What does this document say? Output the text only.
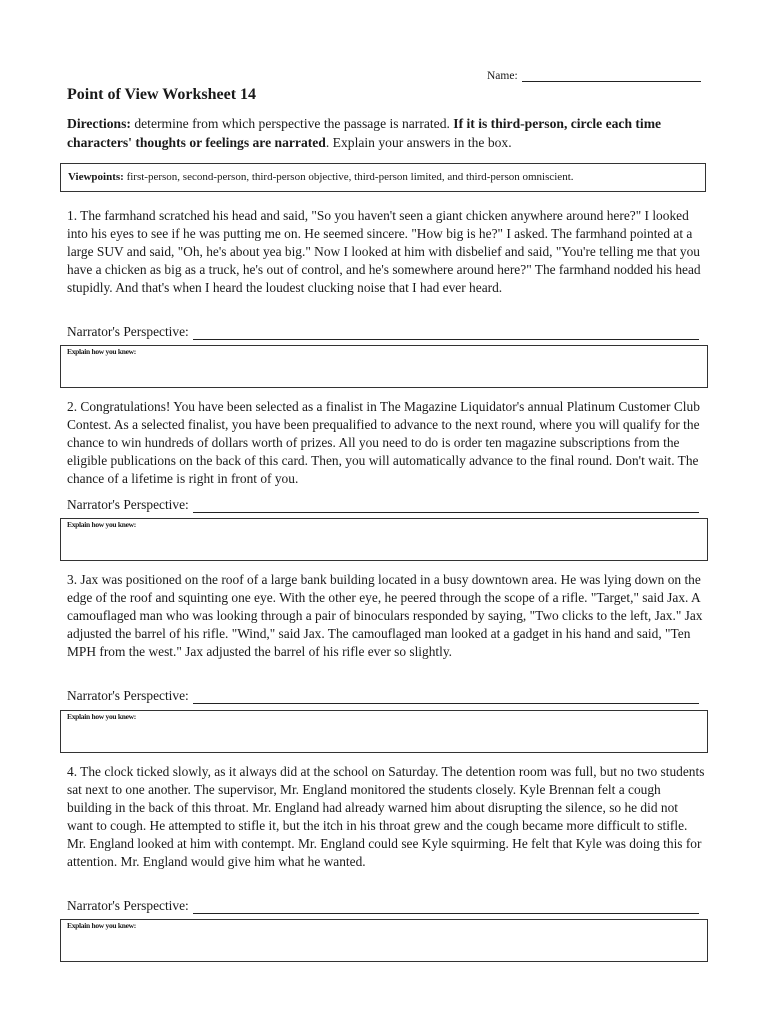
Name:
Point of View Worksheet 14
Directions: determine from which perspective the passage is narrated. If it is third-person, circle each time characters' thoughts or feelings are narrated. Explain your answers in the box.
Viewpoints: first-person, second-person, third-person objective, third-person limited, and third-person omniscient.
1. The farmhand scratched his head and said, "So you haven't seen a giant chicken anywhere around here?" I looked into his eyes to see if he was putting me on. He seemed sincere. "How big is he?" I asked. The farmhand pointed at a large SUV and said, "Oh, he's about yea big." Now I looked at him with disbelief and said, "You're telling me that you have a chicken as big as a truck, he's out of control, and he's somewhere around here?" The farmhand nodded his head stupidly. And that's when I heard the loudest clucking noise that I had ever heard.
Narrator's Perspective:
Explain how you knew:
2. Congratulations! You have been selected as a finalist in The Magazine Liquidator's annual Platinum Customer Club Contest. As a selected finalist, you have been prequalified to advance to the next round, where you will qualify for the chance to win hundreds of dollars worth of prizes. All you need to do is order ten magazine subscriptions from the eligible publications on the back of this card. Then, you will automatically advance to the final round. Don't wait. The chance of a lifetime is right in front of you.
Narrator's Perspective:
Explain how you knew:
3. Jax was positioned on the roof of a large bank building located in a busy downtown area. He was lying down on the edge of the roof and squinting one eye. With the other eye, he peered through the scope of a rifle. "Target," said Jax. A camouflaged man who was looking through a pair of binoculars responded by saying, "Two clicks to the left, Jax." Jax adjusted the barrel of his rifle. "Wind," said Jax. The camouflaged man looked at a gadget in his hand and said, "Ten MPH from the west." Jax adjusted the barrel of his rifle ever so slightly.
Narrator's Perspective:
Explain how you knew:
4. The clock ticked slowly, as it always did at the school on Saturday. The detention room was full, but no two students sat next to one another. The supervisor, Mr. England monitored the students closely. Kyle Brennan felt a cough building in the back of this throat. Mr. England had already warned him about disrupting the silence, so he did not want to cough. He attempted to stifle it, but the itch in his throat grew and the cough became more difficult to stifle. Mr. England looked at him with contempt. Mr. England could see Kyle squirming. He felt that Kyle was doing this for attention. Mr. England would give him what he wanted.
Narrator's Perspective:
Explain how you knew:
